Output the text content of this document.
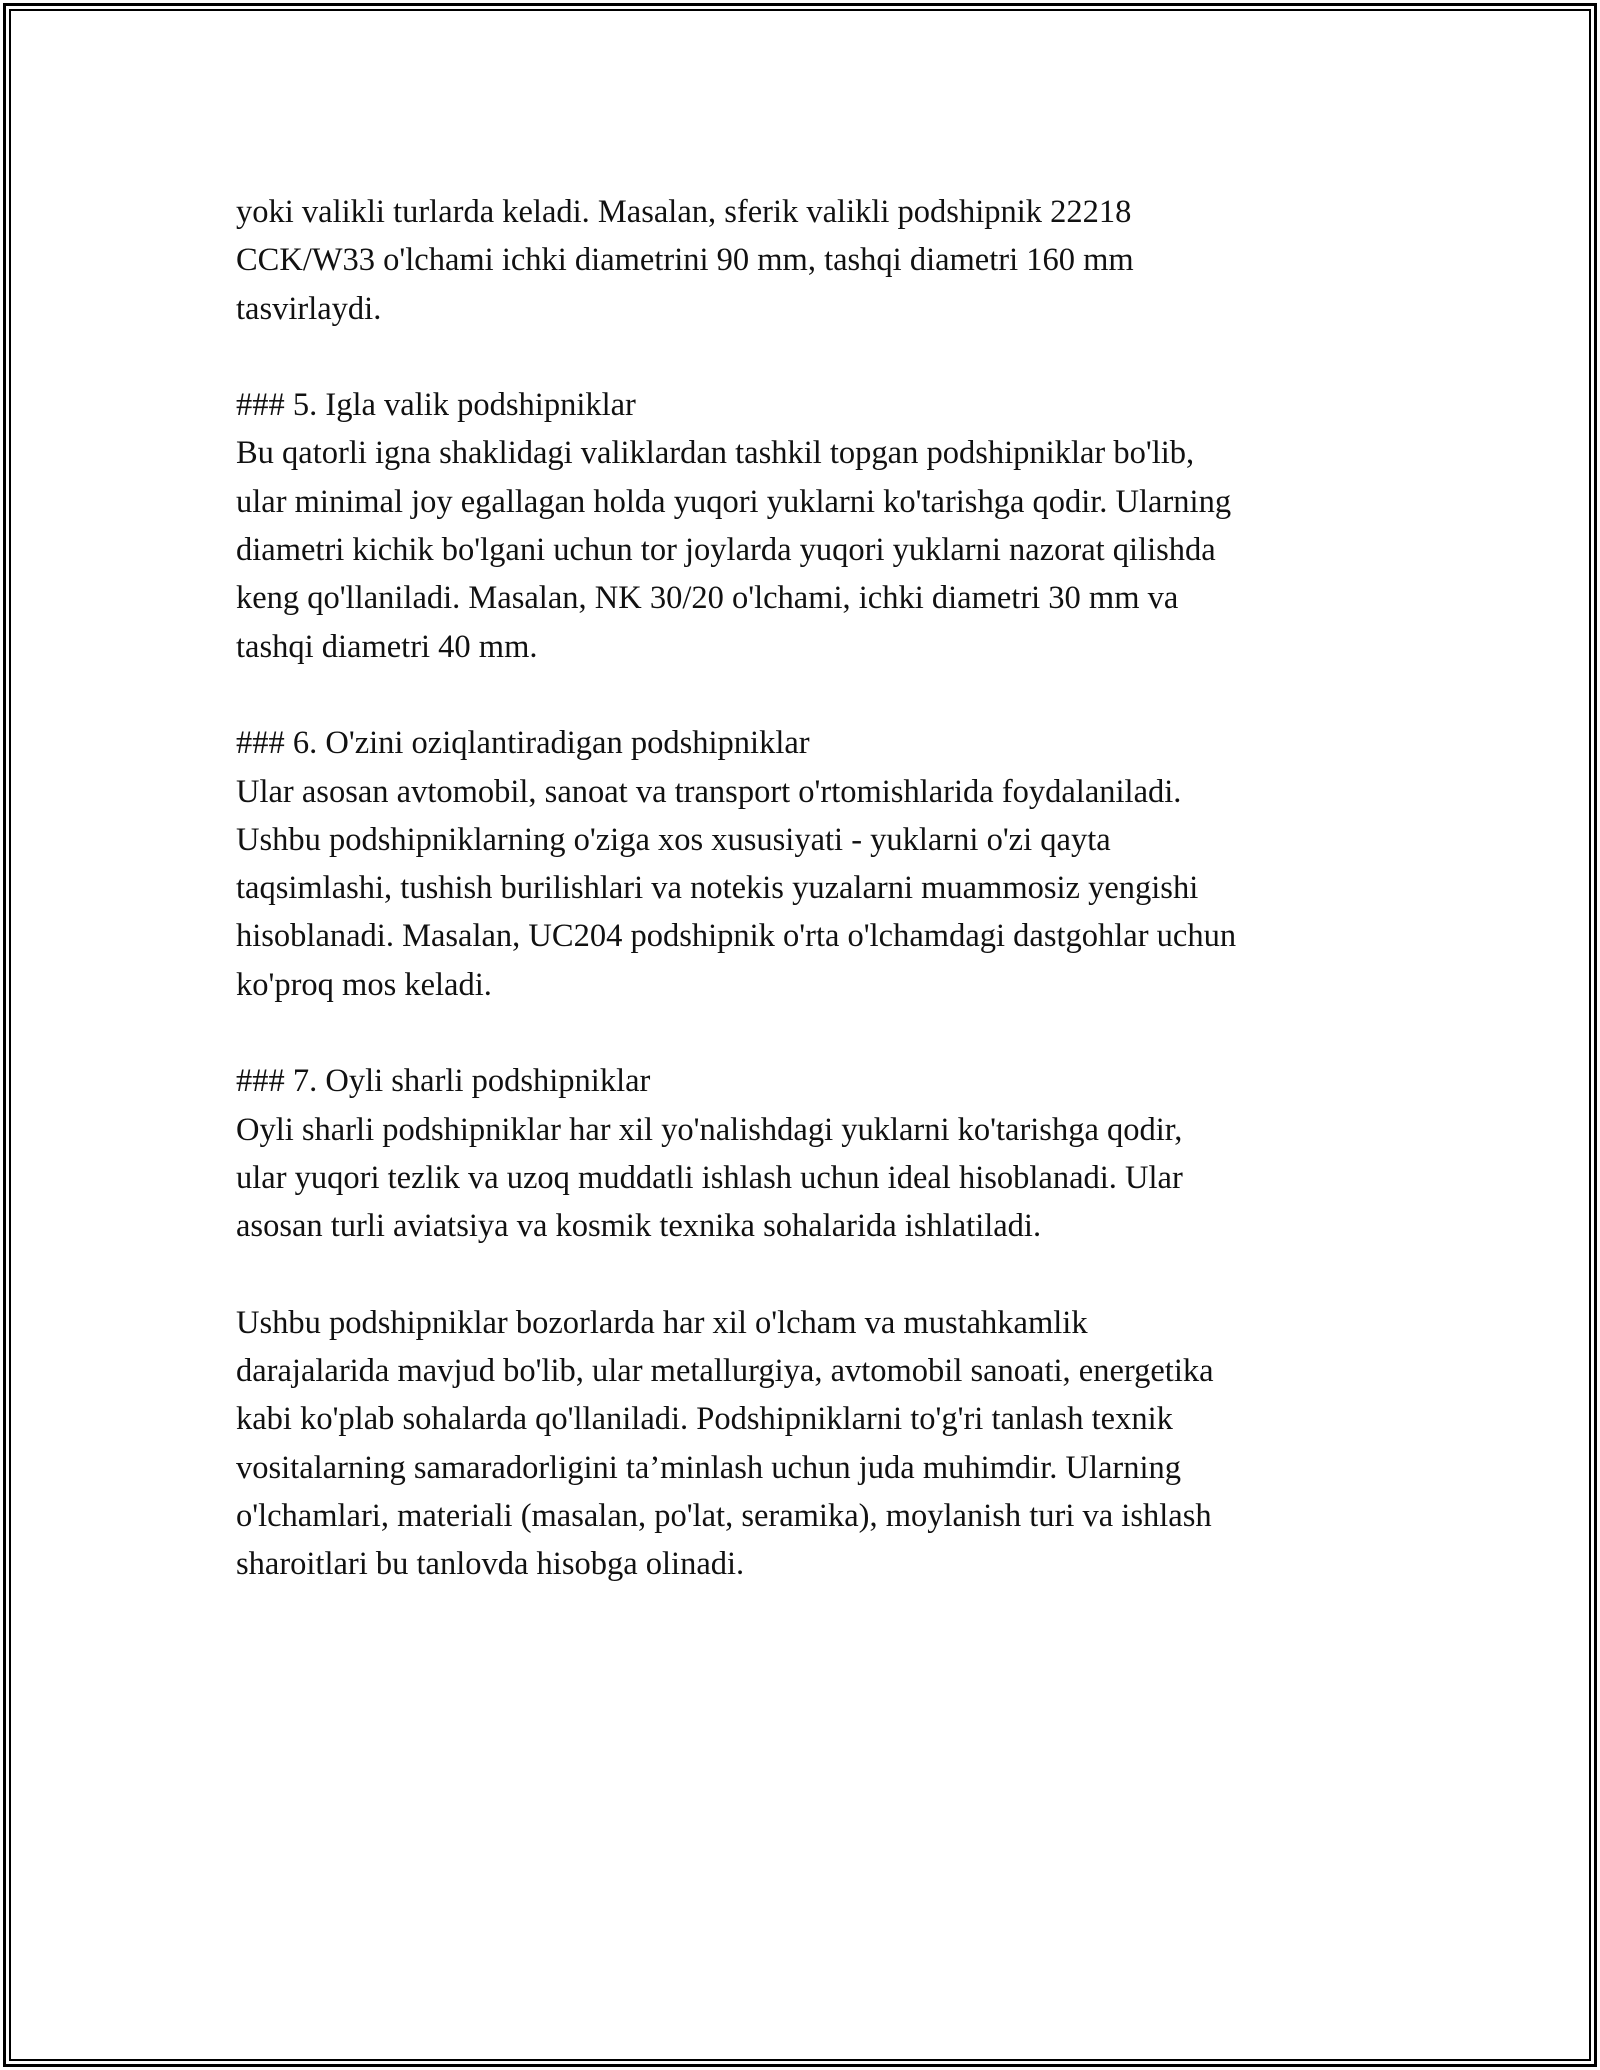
yoki valikli turlarda keladi. Masalan, sferik valikli podshipnik 22218
CCK/W33 o'lchami ichki diametrini 90 mm, tashqi diametri 160 mm
tasvirlaydi.
### 5. Igla valik podshipniklar
Bu qatorli igna shaklidagi valiklardan tashkil topgan podshipniklar bo'lib,
ular minimal joy egallagan holda yuqori yuklarni ko'tarishga qodir. Ularning
diametri kichik bo'lgani uchun tor joylarda yuqori yuklarni nazorat qilishda
keng qo'llaniladi. Masalan, NK 30/20 o'lchami, ichki diametri 30 mm va
tashqi diametri 40 mm.
### 6. O'zini oziqlantiradigan podshipniklar
Ular asosan avtomobil, sanoat va transport o'rtomishlarida foydalaniladi.
Ushbu podshipniklarning o'ziga xos xususiyati - yuklarni o'zi qayta
taqsimlashi, tushish burilishlari va notekis yuzalarni muammosiz yengishi
hisoblanadi. Masalan, UC204 podshipnik o'rta o'lchamdagi dastgohlar uchun
ko'proq mos keladi.
### 7. Oyli sharli podshipniklar
Oyli sharli podshipniklar har xil yo'nalishdagi yuklarni ko'tarishga qodir,
ular yuqori tezlik va uzoq muddatli ishlash uchun ideal hisoblanadi. Ular
asosan turli aviatsiya va kosmik texnika sohalarida ishlatiladi.
Ushbu podshipniklar bozorlarda har xil o'lcham va mustahkamlik
darajalarida mavjud bo'lib, ular metallurgiya, avtomobil sanoati, energetika
kabi ko'plab sohalarda qo'llaniladi. Podshipniklarni to'g'ri tanlash texnik
vositalarning samaradorligini ta’minlash uchun juda muhimdir. Ularning
o'lchamlari, materiali (masalan, po'lat, seramika), moylanish turi va ishlash
sharoitlari bu tanlovda hisobga olinadi.
